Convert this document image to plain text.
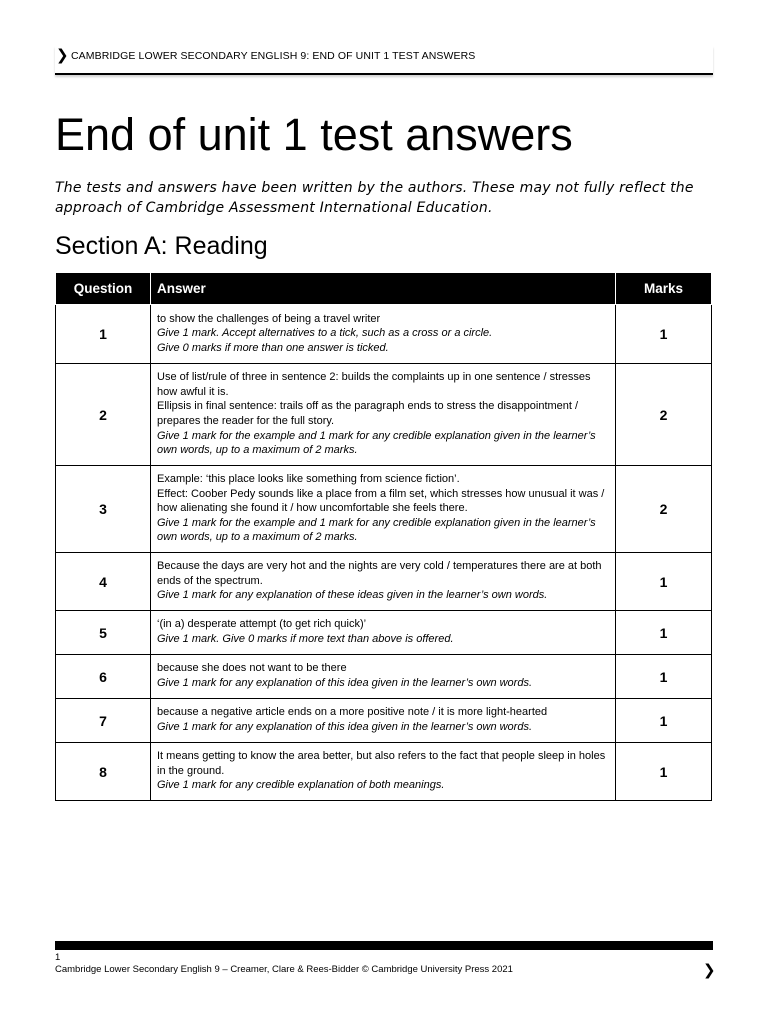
❯ CAMBRIDGE LOWER SECONDARY ENGLISH 9: END OF UNIT 1 TEST ANSWERS
End of unit 1 test answers
The tests and answers have been written by the authors. These may not fully reflect the approach of Cambridge Assessment International Education.
Section A: Reading
Question	Answer	Marks
1	to show the challenges of being a travel writer
Give 1 mark. Accept alternatives to a tick, such as a cross or a circle.
Give 0 marks if more than one answer is ticked.	1
2	Use of list/rule of three in sentence 2: builds the complaints up in one sentence / stresses how awful it is.
Ellipsis in final sentence: trails off as the paragraph ends to stress the disappointment / prepares the reader for the full story.
Give 1 mark for the example and 1 mark for any credible explanation given in the learner’s own words, up to a maximum of 2 marks.	2
3	Example: ‘this place looks like something from science fiction’.
Effect: Coober Pedy sounds like a place from a film set, which stresses how unusual it was / how alienating she found it / how uncomfortable she feels there.
Give 1 mark for the example and 1 mark for any credible explanation given in the learner’s own words, up to a maximum of 2 marks.	2
4	Because the days are very hot and the nights are very cold / temperatures there are at both ends of the spectrum.
Give 1 mark for any explanation of these ideas given in the learner’s own words.	1
5	‘(in a) desperate attempt (to get rich quick)’
Give 1 mark. Give 0 marks if more text than above is offered.	1
6	because she does not want to be there
Give 1 mark for any explanation of this idea given in the learner’s own words.	1
7	because a negative article ends on a more positive note / it is more light-hearted
Give 1 mark for any explanation of this idea given in the learner’s own words.	1
8	It means getting to know the area better, but also refers to the fact that people sleep in holes in the ground.
Give 1 mark for any credible explanation of both meanings.	1
1
Cambridge Lower Secondary English 9 – Creamer, Clare & Rees-Bidder © Cambridge University Press 2021	❯
